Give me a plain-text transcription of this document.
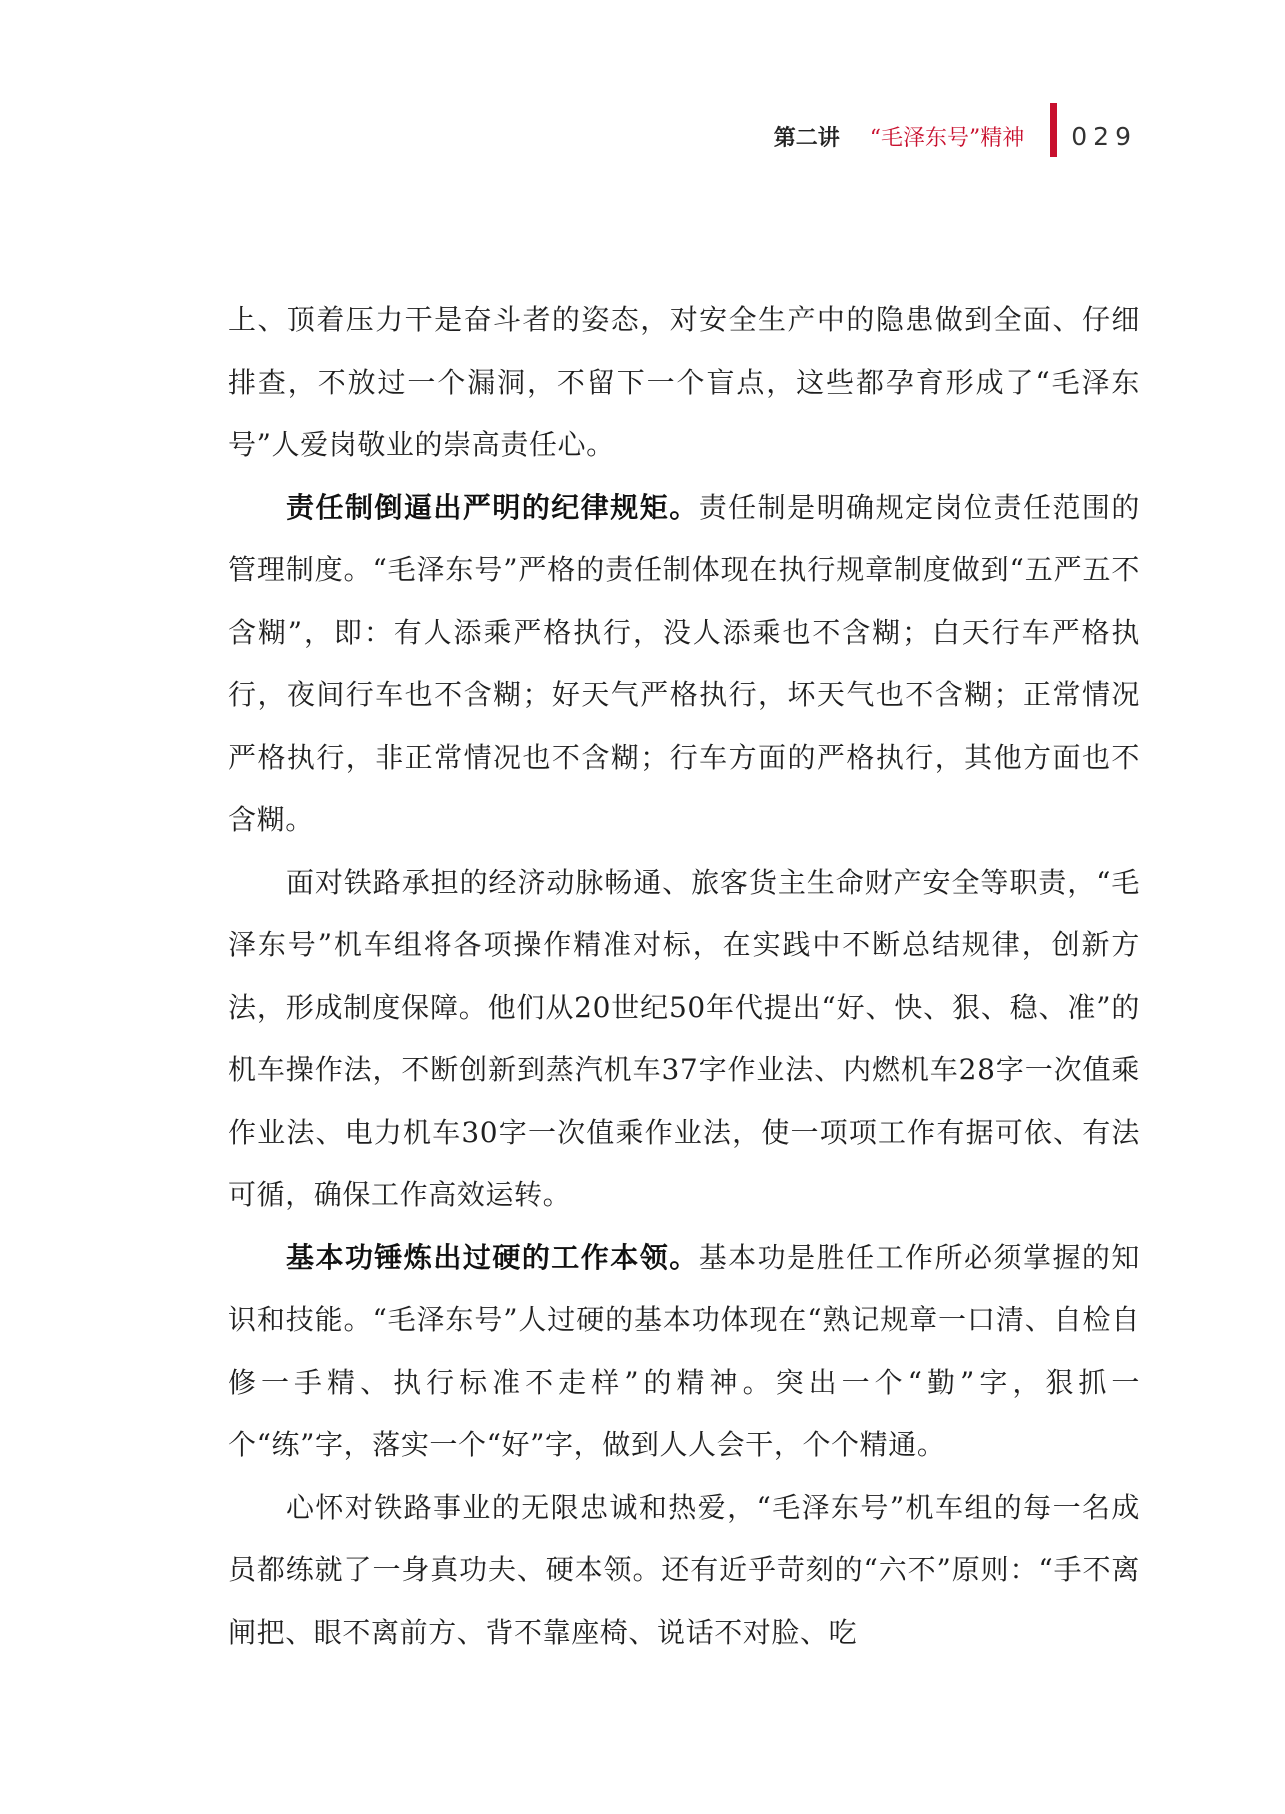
第二讲 “毛泽东号”精神 029

上、顶着压力干是奋斗者的姿态，对安全生产中的隐患做到全面、仔细排查，不放过一个漏洞，不留下一个盲点，这些都孕育形成了“毛泽东号”人爱岗敬业的崇高责任心。

责任制倒逼出严明的纪律规矩。责任制是明确规定岗位责任范围的管理制度。“毛泽东号”严格的责任制体现在执行规章制度做到“五严五不含糊”，即：有人添乘严格执行，没人添乘也不含糊；白天行车严格执行，夜间行车也不含糊；好天气严格执行，坏天气也不含糊；正常情况严格执行，非正常情况也不含糊；行车方面的严格执行，其他方面也不含糊。

面对铁路承担的经济动脉畅通、旅客货主生命财产安全等职责，“毛泽东号”机车组将各项操作精准对标，在实践中不断总结规律，创新方法，形成制度保障。他们从20世纪50年代提出“好、快、狠、稳、准”的机车操作法，不断创新到蒸汽机车37字作业法、内燃机车28字一次值乘作业法、电力机车30字一次值乘作业法，使一项项工作有据可依、有法可循，确保工作高效运转。

基本功锤炼出过硬的工作本领。基本功是胜任工作所必须掌握的知识和技能。“毛泽东号”人过硬的基本功体现在“熟记规章一口清、自检自修一手精、执行标准不走样”的精神。突出一个“勤”字，狠抓一个“练”字，落实一个“好”字，做到人人会干，个个精通。

心怀对铁路事业的无限忠诚和热爱，“毛泽东号”机车组的每一名成员都练就了一身真功夫、硬本领。还有近乎苛刻的“六不”原则：“手不离闸把、眼不离前方、背不靠座椅、说话不对脸、吃
